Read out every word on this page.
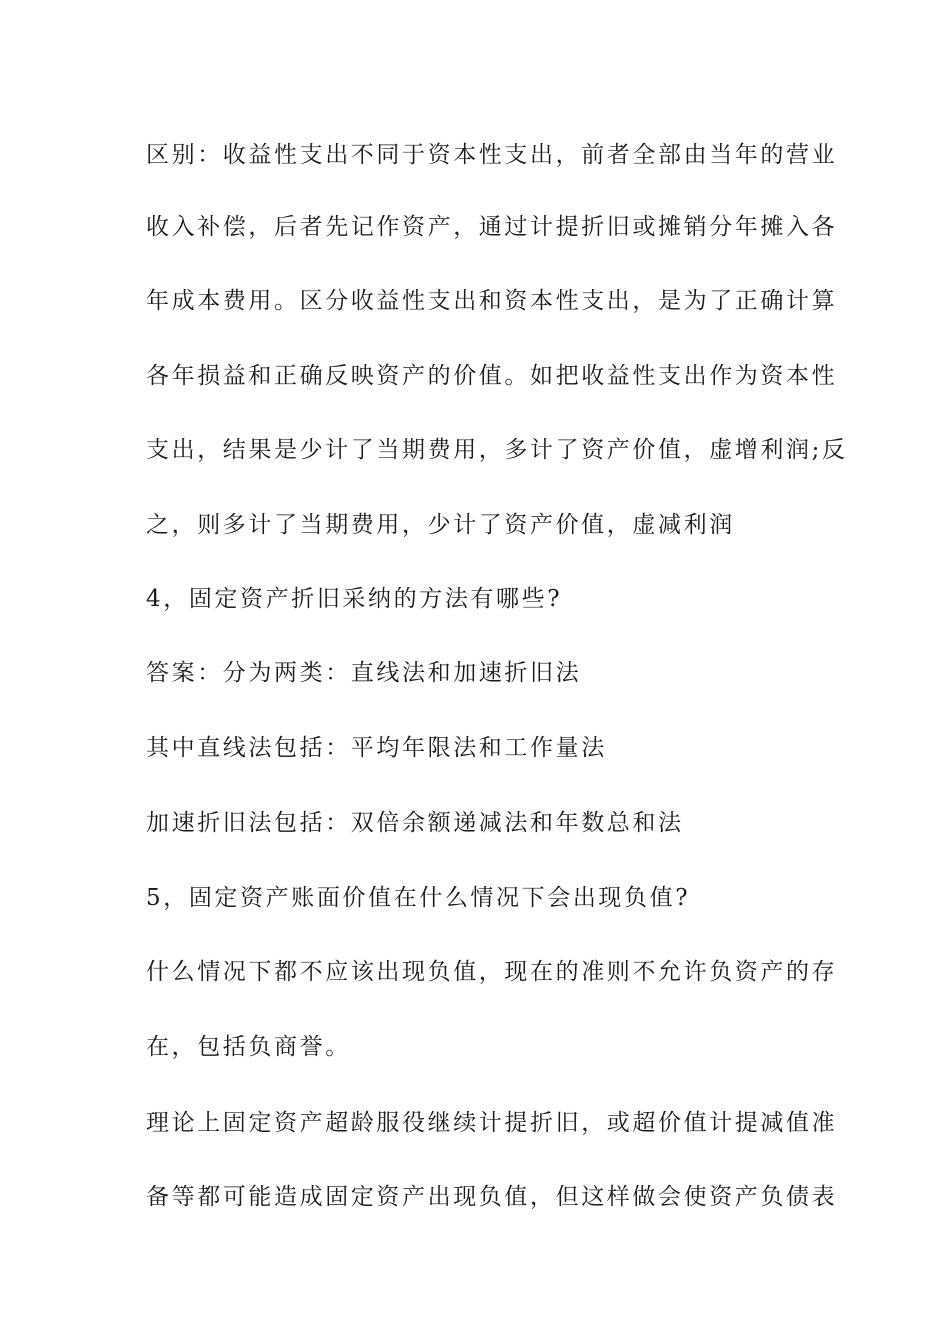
区别：收益性支出不同于资本性支出，前者全部由当年的营业
收入补偿，后者先记作资产，通过计提折旧或摊销分年摊入各
年成本费用。区分收益性支出和资本性支出，是为了正确计算
各年损益和正确反映资产的价值。如把收益性支出作为资本性
支出，结果是少计了当期费用，多计了资产价值，虚增利润;反
之，则多计了当期费用，少计了资产价值，虚减利润
4，固定资产折旧采纳的方法有哪些?
答案：分为两类：直线法和加速折旧法
其中直线法包括：平均年限法和工作量法
加速折旧法包括：双倍余额递减法和年数总和法
5，固定资产账面价值在什么情况下会出现负值?
什么情况下都不应该出现负值，现在的准则不允许负资产的存
在，包括负商誉。
理论上固定资产超龄服役继续计提折旧，或超价值计提减值准
备等都可能造成固定资产出现负值，但这样做会使资产负债表
